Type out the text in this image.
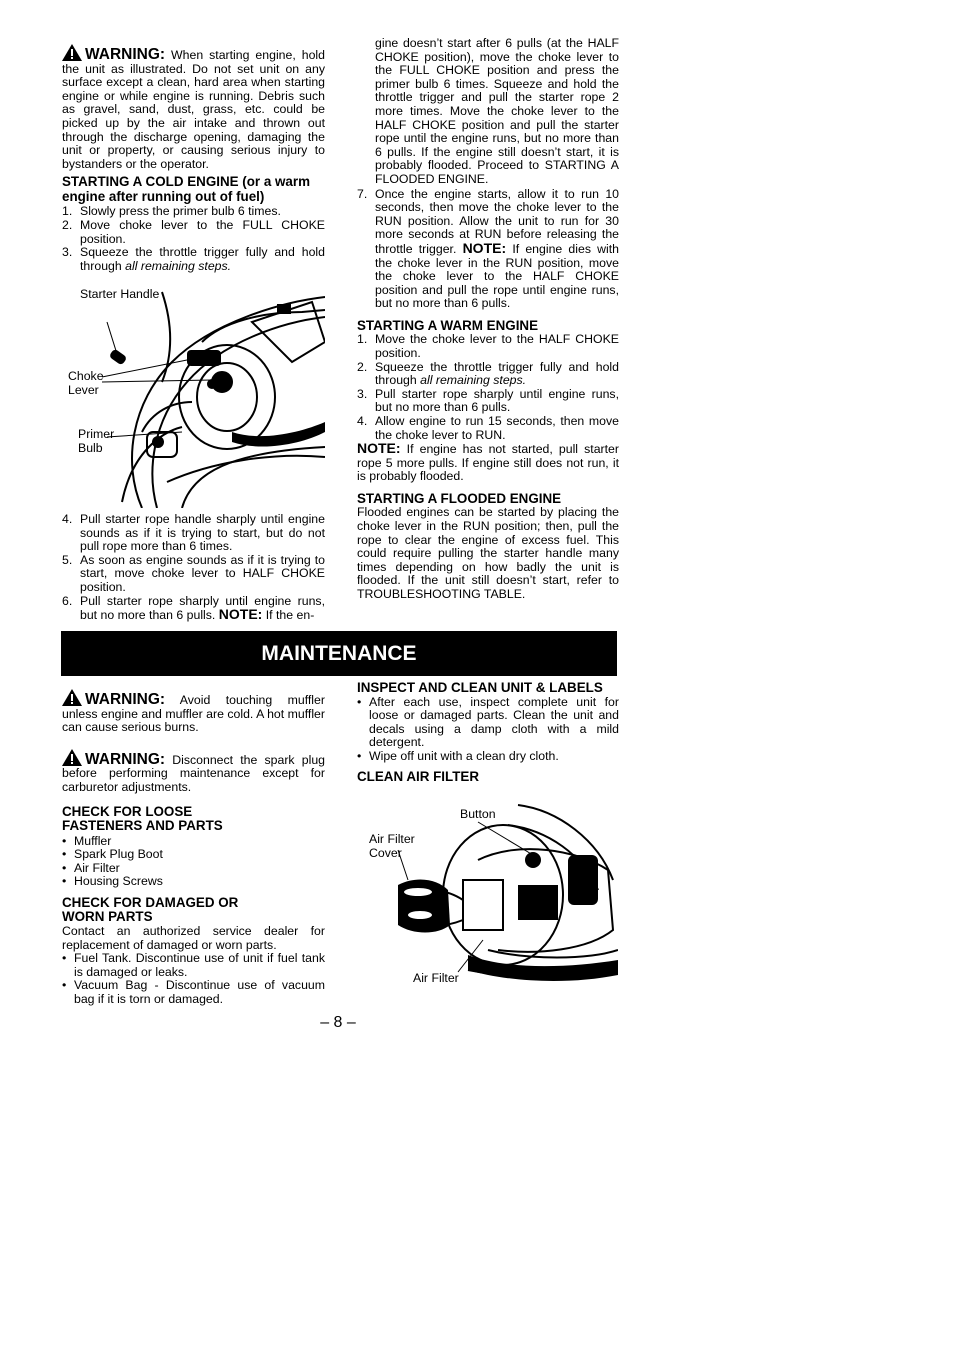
WARNING: When starting engine, hold the unit as illustrated. Do not set unit on any surface except a clean, hard area when starting engine or while engine is running. Debris such as gravel, sand, dust, grass, etc. could be picked up by the air intake and thrown out through the discharge opening, damaging the unit or property, or causing serious injury to bystanders or the operator.

STARTING A COLD ENGINE (or a warm engine after running out of fuel)
1. Slowly press the primer bulb 6 times.
2. Move choke lever to the FULL CHOKE position.
3. Squeeze the throttle trigger fully and hold through all remaining steps.
Starter Handle
Choke Lever
Primer Bulb
4. Pull starter rope handle sharply until engine sounds as if it is trying to start, but do not pull rope more than 6 times.
5. As soon as engine sounds as if it is trying to start, move choke lever to HALF CHOKE position.
6. Pull starter rope sharply until engine runs, but no more than 6 pulls. NOTE: If the en-

gine doesn’t start after 6 pulls (at the HALF CHOKE position), move the choke lever to the FULL CHOKE position and press the primer bulb 6 times. Squeeze and hold the throttle trigger and pull the starter rope 2 more times. Move the choke lever to the HALF CHOKE position and pull the starter rope until the engine runs, but no more than 6 pulls. If the engine still doesn’t start, it is probably flooded. Proceed to STARTING A FLOODED ENGINE.

7. Once the engine starts, allow it to run 10 seconds, then move the choke lever to the RUN position. Allow the unit to run for 30 more seconds at RUN before releasing the throttle trigger. NOTE: If engine dies with the choke lever in the RUN position, move the choke lever to the HALF CHOKE position and pull the rope until engine runs, but no more than 6 pulls.
STARTING A WARM ENGINE
1. Move the choke lever to the HALF CHOKE position.
2. Squeeze the throttle trigger fully and hold through all remaining steps.
3. Pull starter rope sharply until engine runs, but no more than 6 pulls.
4. Allow engine to run 15 seconds, then move the choke lever to RUN.

NOTE: If engine has not started, pull starter rope 5 more pulls. If engine still does not run, it is probably flooded.

STARTING A FLOODED ENGINE

Flooded engines can be started by placing the choke lever in the RUN position; then, pull the rope to clear the engine of excess fuel. This could require pulling the starter handle many times depending on how badly the unit is flooded. If the unit still doesn’t start, refer to TROUBLESHOOTING TABLE.

MAINTENANCE

WARNING: Avoid touching muffler unless engine and muffler are cold. A hot muffler can cause serious burns.

WARNING: Disconnect the spark plug before performing maintenance except for carburetor adjustments.

CHECK FOR LOOSE FASTENERS AND PARTS
• Muffler
• Spark Plug Boot
• Air Filter
• Housing Screws
CHECK FOR DAMAGED OR WORN PARTS

Contact an authorized service dealer for replacement of damaged or worn parts.

• Fuel Tank. Discontinue use of unit if fuel tank is damaged or leaks.
• Vacuum Bag - Discontinue use of vacuum bag if it is torn or damaged.
INSPECT AND CLEAN UNIT & LABELS
• After each use, inspect complete unit for loose or damaged parts. Clean the unit and decals using a damp cloth with a mild detergent.
• Wipe off unit with a clean dry cloth.
CLEAN AIR FILTER
Button
Air Filter Cover
Air Filter
– 8 –
